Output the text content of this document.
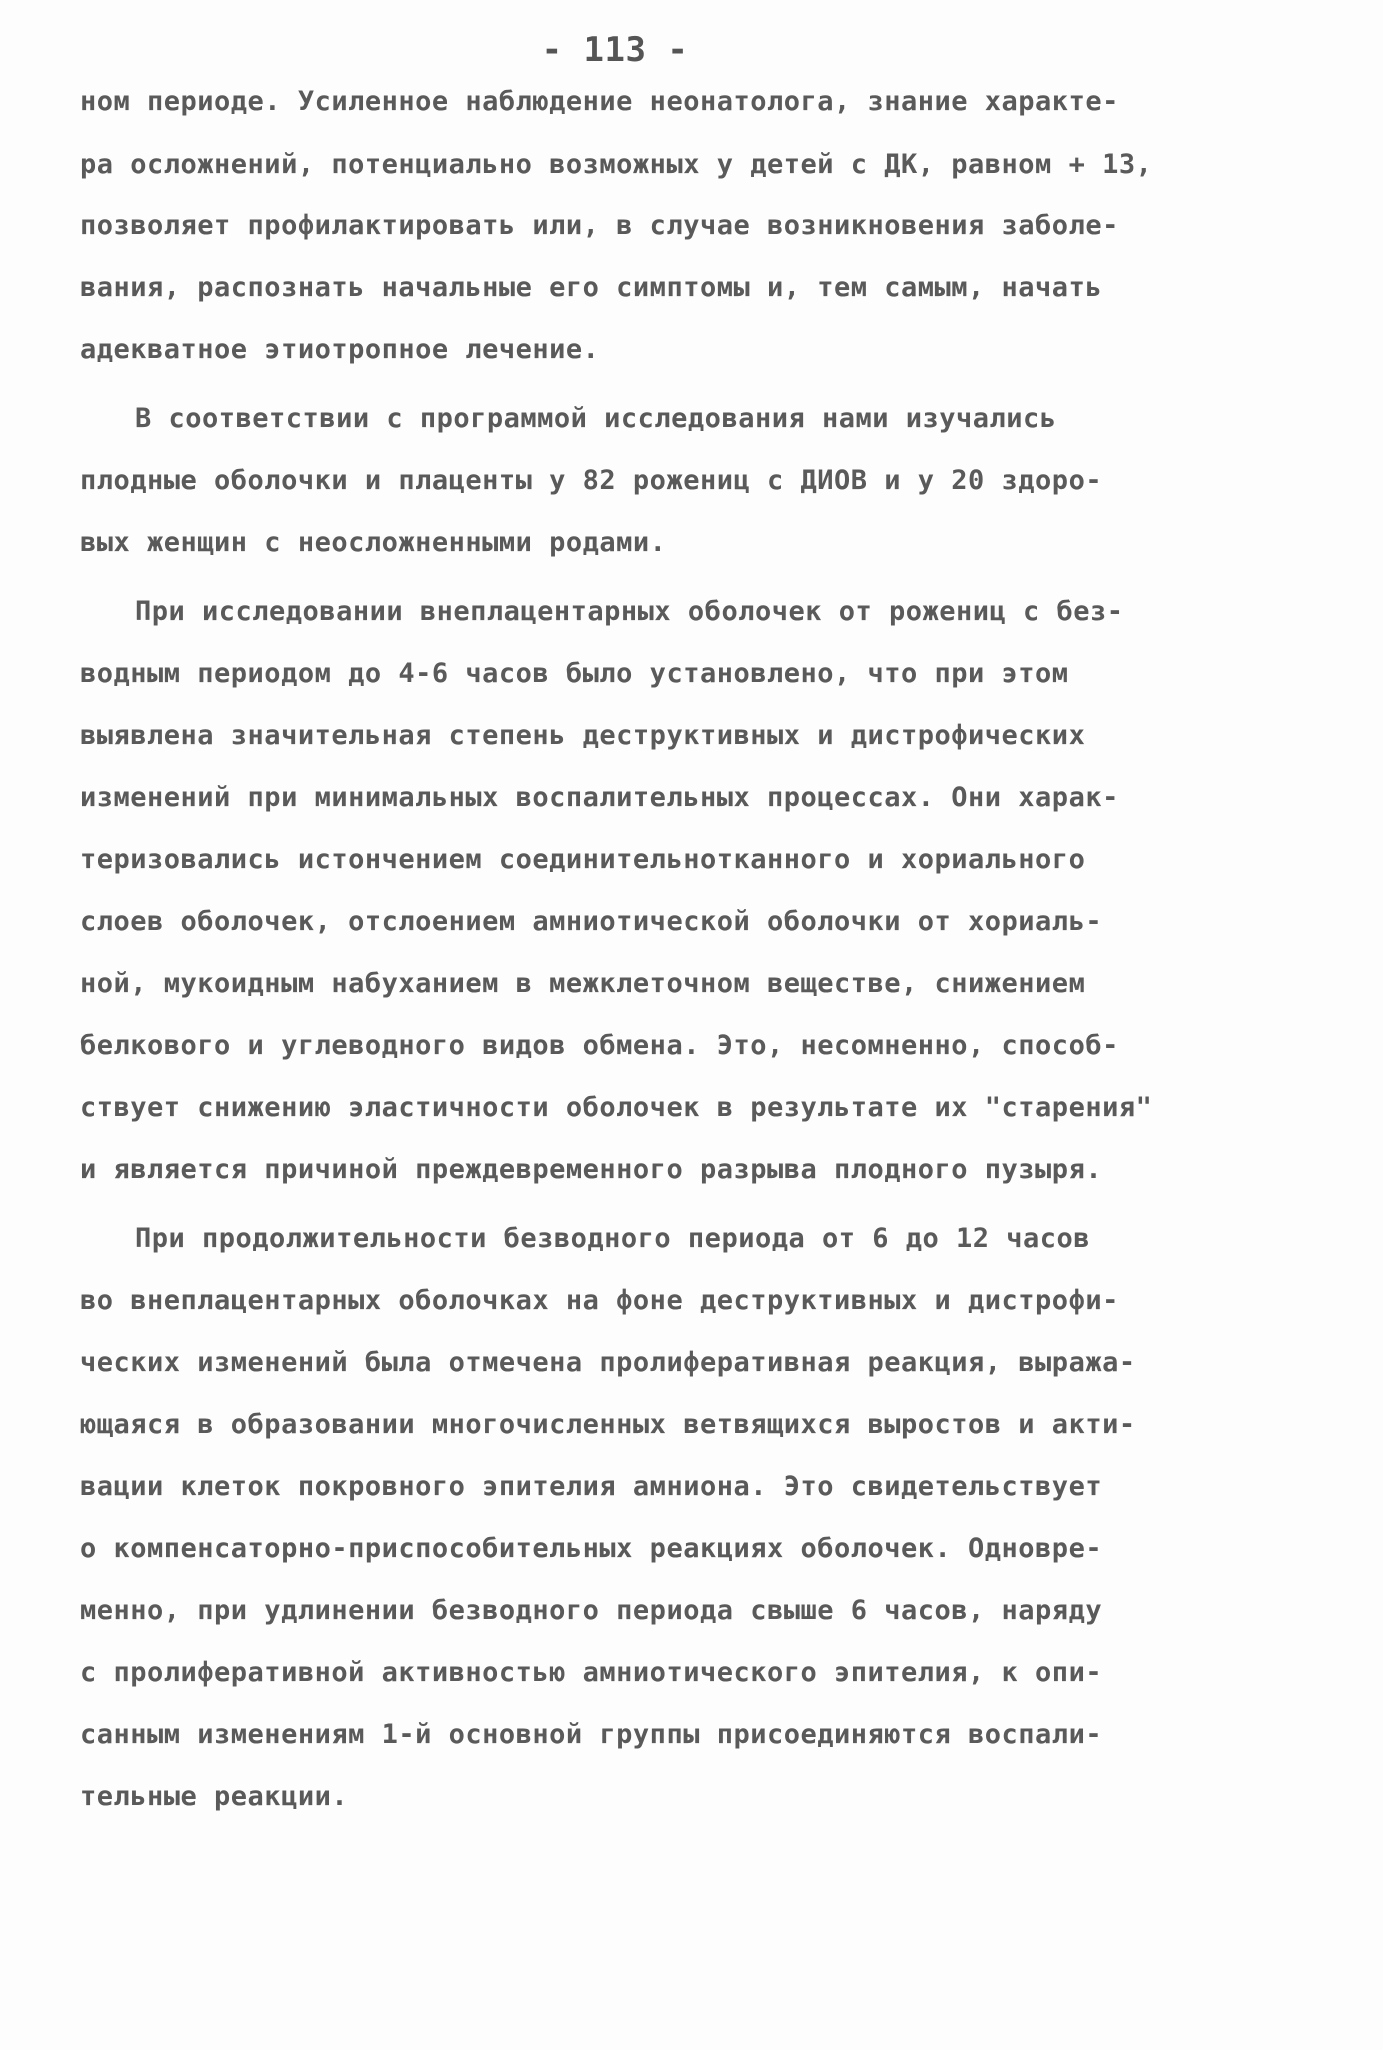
- 113 -
ном периоде. Усиленное наблюдение неонатолога, знание характе-
ра осложнений, потенциально возможных у детей с ДК, равном + 13,
позволяет профилактировать или, в случае возникновения заболе-
вания, распознать начальные его симптомы и, тем самым, начать
адекватное этиотропное лечение.
В соответствии с программой исследования нами изучались
плодные оболочки и плаценты у 82 рожениц с ДИОВ и у 20 здоро-
вых женщин с неосложненными родами.
При исследовании внеплацентарных оболочек от рожениц с без-
водным периодом до 4-6 часов было установлено, что при этом
выявлена значительная степень деструктивных и дистрофических
изменений при минимальных воспалительных процессах. Они харак-
теризовались истончением соединительнотканного и хориального
слоев оболочек, отслоением амниотической оболочки от хориаль-
ной, мукоидным набуханием в межклеточном веществе, снижением
белкового и углеводного видов обмена. Это, несомненно, способ-
ствует снижению эластичности оболочек в результате их "старения"
и является причиной преждевременного разрыва плодного пузыря.
При продолжительности безводного периода от 6 до 12 часов
во внеплацентарных оболочках на фоне деструктивных и дистрофи-
ческих изменений была отмечена пролиферативная реакция, выража-
ющаяся в образовании многочисленных ветвящихся выростов и акти-
вации клеток покровного эпителия амниона. Это свидетельствует
о компенсаторно-приспособительных реакциях оболочек. Одновре-
менно, при удлинении безводного периода свыше 6 часов, наряду
с пролиферативной активностью амниотического эпителия, к опи-
санным изменениям 1-й основной группы присоединяются воспали-
тельные реакции.
